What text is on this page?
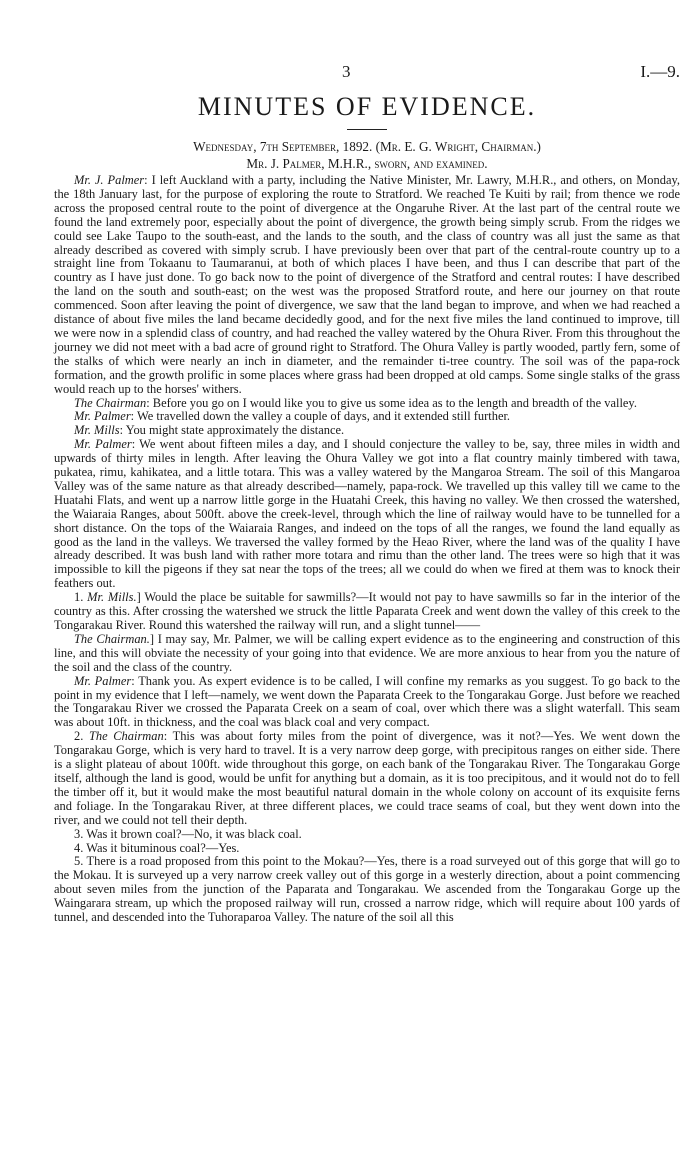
3	I.—9.
MINUTES OF EVIDENCE.
Wednesday, 7th September, 1892. (Mr. E. G. Wright, Chairman.)
Mr. J. Palmer, M.H.R., sworn, and examined.

Mr. J. Palmer: I left Auckland with a party, including the Native Minister, Mr. Lawry, M.H.R., and others, on Monday, the 18th January last, for the purpose of exploring the route to Stratford. We reached Te Kuiti by rail; from thence we rode across the proposed central route to the point of divergence at the Ongaruhe River. At the last part of the central route we found the land extremely poor, especially about the point of divergence, the growth being simply scrub. From the ridges we could see Lake Taupo to the south-east, and the lands to the south, and the class of country was all just the same as that already described as covered with simply scrub. I have previously been over that part of the central-route country up to a straight line from Tokaanu to Taumaranui, at both of which places I have been, and thus I can describe that part of the country as I have just done. To go back now to the point of divergence of the Stratford and central routes: I have described the land on the south and south-east; on the west was the proposed Stratford route, and here our journey on that route commenced. Soon after leaving the point of divergence, we saw that the land began to improve, and when we had reached a distance of about five miles the land became decidedly good, and for the next five miles the land continued to improve, till we were now in a splendid class of country, and had reached the valley watered by the Ohura River. From this throughout the journey we did not meet with a bad acre of ground right to Stratford. The Ohura Valley is partly wooded, partly fern, some of the stalks of which were nearly an inch in diameter, and the remainder ti-tree country. The soil was of the papa-rock formation, and the growth prolific in some places where grass had been dropped at old camps. Some single stalks of the grass would reach up to the horses' withers.

The Chairman: Before you go on I would like you to give us some idea as to the length and breadth of the valley.

Mr. Palmer: We travelled down the valley a couple of days, and it extended still further.

Mr. Mills: You might state approximately the distance.

Mr. Palmer: We went about fifteen miles a day, and I should conjecture the valley to be, say, three miles in width and upwards of thirty miles in length. After leaving the Ohura Valley we got into a flat country mainly timbered with tawa, pukatea, rimu, kahikatea, and a little totara. This was a valley watered by the Mangaroa Stream. The soil of this Mangaroa Valley was of the same nature as that already described—namely, papa-rock. We travelled up this valley till we came to the Huatahi Flats, and went up a narrow little gorge in the Huatahi Creek, this having no valley. We then crossed the watershed, the Waiaraia Ranges, about 500ft. above the creek-level, through which the line of railway would have to be tunnelled for a short distance. On the tops of the Waiaraia Ranges, and indeed on the tops of all the ranges, we found the land equally as good as the land in the valleys. We traversed the valley formed by the Heao River, where the land was of the quality I have already described. It was bush land with rather more totara and rimu than the other land. The trees were so high that it was impossible to kill the pigeons if they sat near the tops of the trees; all we could do when we fired at them was to knock their feathers out.

1. Mr. Mills.] Would the place be suitable for sawmills?—It would not pay to have sawmills so far in the interior of the country as this. After crossing the watershed we struck the little Paparata Creek and went down the valley of this creek to the Tongarakau River. Round this watershed the railway will run, and a slight tunnel——

The Chairman.] I may say, Mr. Palmer, we will be calling expert evidence as to the engineering and construction of this line, and this will obviate the necessity of your going into that evidence. We are more anxious to hear from you the nature of the soil and the class of the country.

Mr. Palmer: Thank you. As expert evidence is to be called, I will confine my remarks as you suggest. To go back to the point in my evidence that I left—namely, we went down the Paparata Creek to the Tongarakau Gorge. Just before we reached the Tongarakau River we crossed the Paparata Creek on a seam of coal, over which there was a slight waterfall. This seam was about 10ft. in thickness, and the coal was black coal and very compact.

2. The Chairman: This was about forty miles from the point of divergence, was it not?—Yes. We went down the Tongarakau Gorge, which is very hard to travel. It is a very narrow deep gorge, with precipitous ranges on either side. There is a slight plateau of about 100ft. wide throughout this gorge, on each bank of the Tongarakau River. The Tongarakau Gorge itself, although the land is good, would be unfit for anything but a domain, as it is too precipitous, and it would not do to fell the timber off it, but it would make the most beautiful natural domain in the whole colony on account of its exquisite ferns and foliage. In the Tongarakau River, at three different places, we could trace seams of coal, but they went down into the river, and we could not tell their depth.

3. Was it brown coal?—No, it was black coal.

4. Was it bituminous coal?—Yes.

5. There is a road proposed from this point to the Mokau?—Yes, there is a road surveyed out of this gorge that will go to the Mokau. It is surveyed up a very narrow creek valley out of this gorge in a westerly direction, about a point commencing about seven miles from the junction of the Paparata and Tongarakau. We ascended from the Tongarakau Gorge up the Waingarara stream, up which the proposed railway will run, crossed a narrow ridge, which will require about 100 yards of tunnel, and descended into the Tuhoraparoa Valley. The nature of the soil all this
